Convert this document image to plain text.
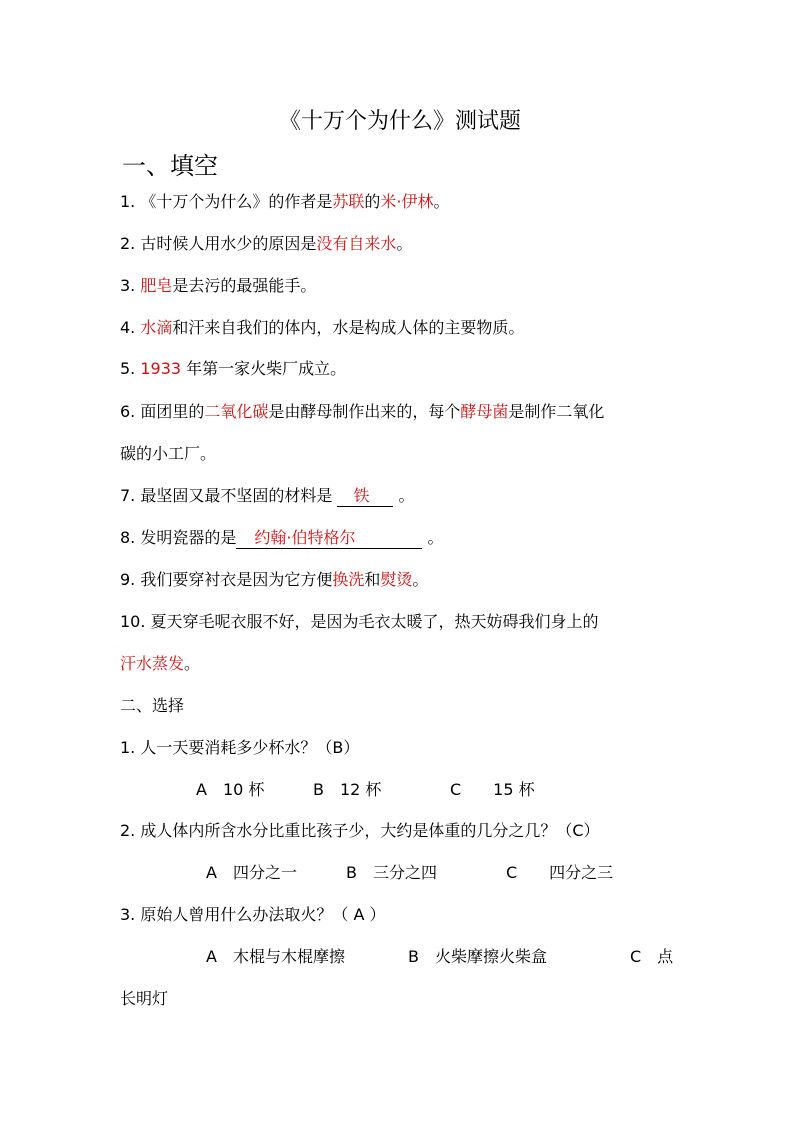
《十万个为什么》测试题
一、填空
1. 《十万个为什么》的作者是苏联的米·伊林。
2. 古时候人用水少的原因是没有自来水。
3. 肥皂是去污的最强能手。
4. 水滴和汗来自我们的体内，水是构成人体的主要物质。
5. 1933 年第一家火柴厂成立。
6. 面团里的二氧化碳是由酵母制作出来的，每个酵母菌是制作二氧化
碳的小工厂。
7. 最坚固又最不坚固的材料是 铁 。
8. 发明瓷器的是 约翰·伯特格尔	。
9. 我们要穿衬衣是因为它方便换洗和熨烫。
10. 夏天穿毛呢衣服不好，是因为毛衣太暖了，热天妨碍我们身上的
汗水蒸发。
二、选择
1. 人一天要消耗多少杯水？（B）
A　10 杯	B　12 杯	C　　15 杯
2. 成人体内所含水分比重比孩子少，大约是体重的几分之几？（C）
A　四分之一	B　三分之四	C　　四分之三
3. 原始人曾用什么办法取火？（ A ）
A　木棍与木棍摩擦	B　火柴摩擦火柴盒	C　点
长明灯
